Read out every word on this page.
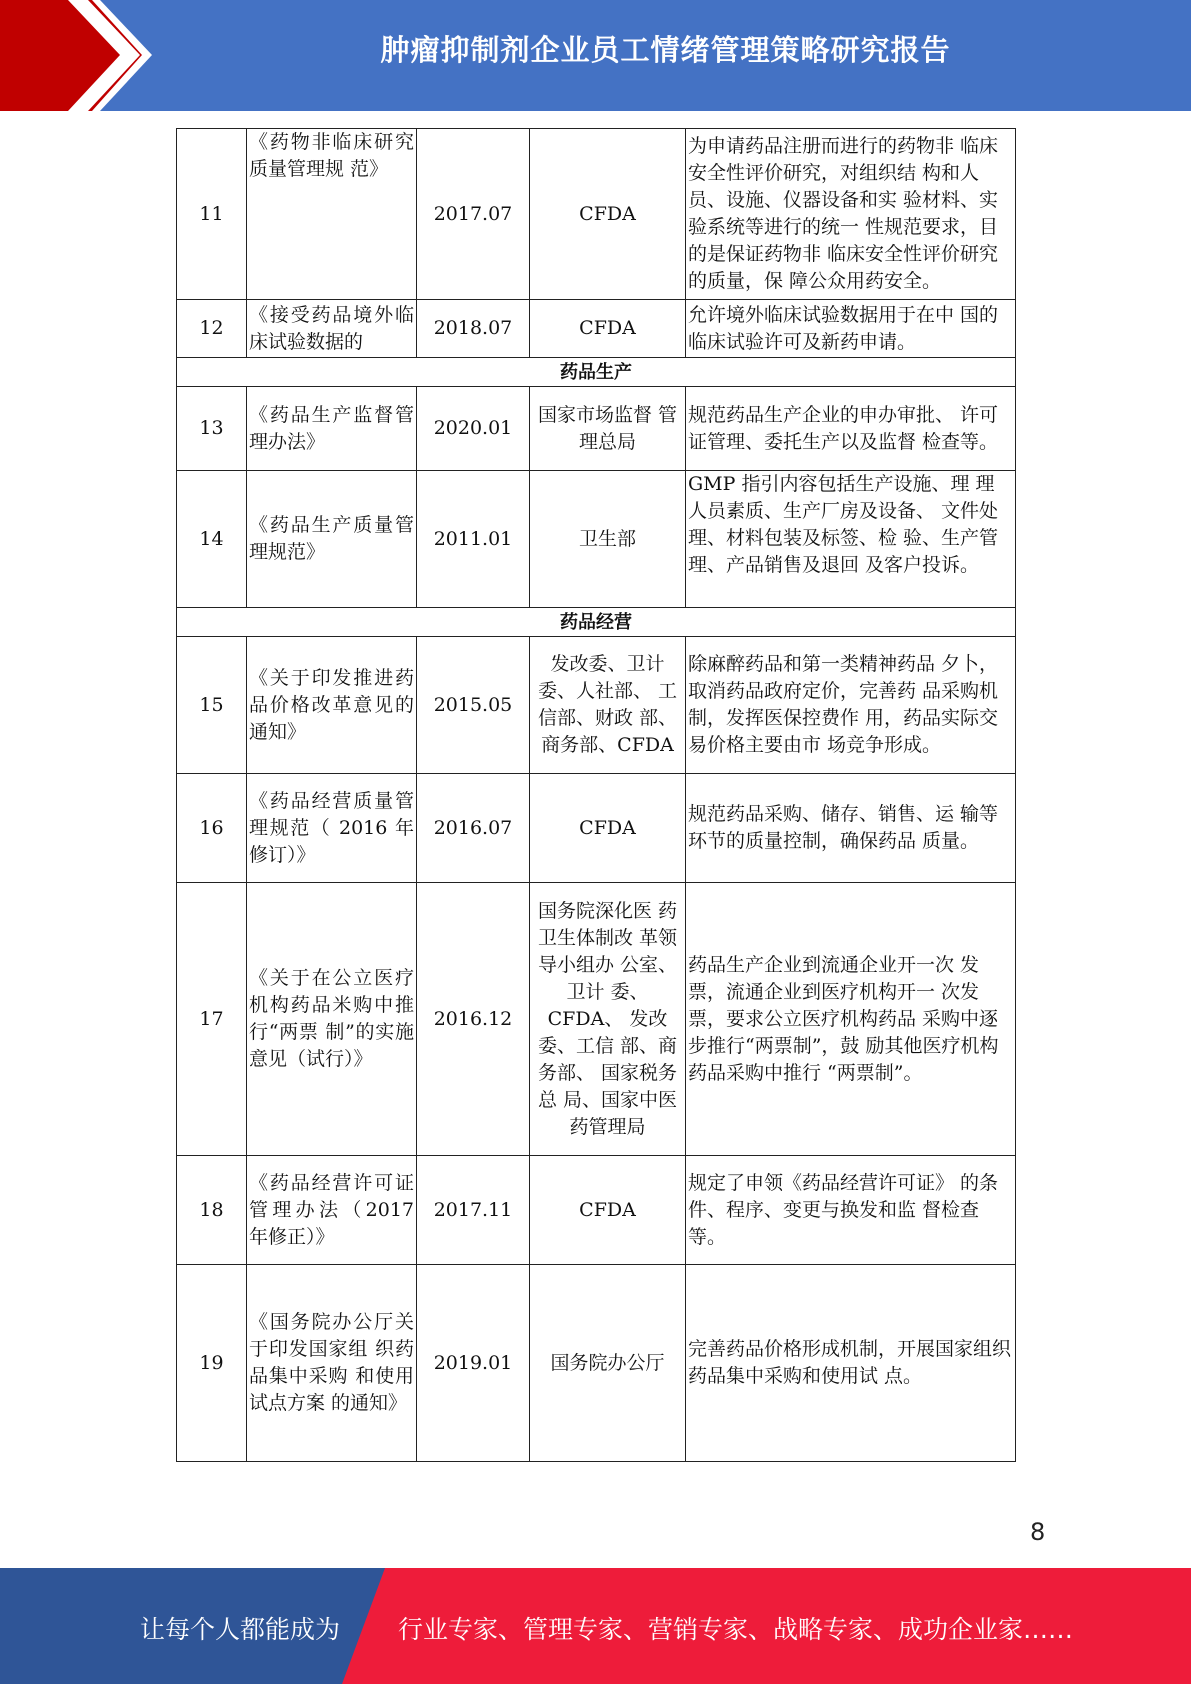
肿瘤抑制剂企业员工情绪管理策略研究报告
11	《药物非临床研究质量管理规 范》	2017.07	CFDA	为申请药品注册而进行的药物非 临床安全性评价研究，对组织结 构和人员、设施、仪器设备和实 验材料、实验系统等进行的统一 性规范要求，目的是保证药物非 临床安全性评价研究的质量，保 障公众用药安全。
12	《接受药品境外临床试验数据的	2018.07	CFDA	允许境外临床试验数据用于在中 国的临床试验许可及新药申请。
药品生产				
13	《药品生产监督管理办法》	2020.01	国家市场监督 管理总局	规范药品生产企业的申办审批、 许可证管理、委托生产以及监督 检查等。
14	《药品生产质量管理规范》	2011.01	卫生部	GMP 指引内容包括生产设施、理 理人员素质、生产厂房及设备、 文件处理、材料包装及标签、检 验、生产管理、产品销售及退回 及客户投诉。
药品经营				
15	《关于印发推进药品价格改革意见的通知》	2015.05	发改委、卫计委、人社部、 工信部、财政 部、商务部、CFDA	除麻醉药品和第一类精神药品 夕卜，取消药品政府定价，完善药 品采购机制，发挥医保控费作 用，药品实际交易价格主要由市 场竞争形成。
16	《药品经营质量管理规范（ 2016 年 修订）》	2016.07	CFDA	规范药品采购、储存、销售、运 输等环节的质量控制，确保药品 质量。
17	《关于在公立医疗机构药品米购中推行“两票 制”的实施意见（试行）》	2016.12	国务院深化医 药卫生体制改 革领导小组办 公室、卫计 委、CFDA、 发改委、工信 部、商务部、 国家税务总 局、国家中医药管理局	药品生产企业到流通企业开一次 发票，流通企业到医疗机构开一 次发票，要求公立医疗机构药品 采购中逐步推行“两票制”，鼓 励其他医疗机构药品采购中推行 “两票制”。
18	《药品经营许可证管理办法（2017 年修正）》	2017.11	CFDA	规定了申领《药品经营许可证》 的条件、程序、变更与换发和监 督检查等。
19	《国务院办公厅关于印发国家组 织药品集中采购 和使用试点方案 的通知》	2019.01	国务院办公厅	完善药品价格形成机制，开展国家组织药品集中采购和使用试 点。
8
让每个人都能成为 行业专家、管理专家、营销专家、战略专家、成功企业家……
